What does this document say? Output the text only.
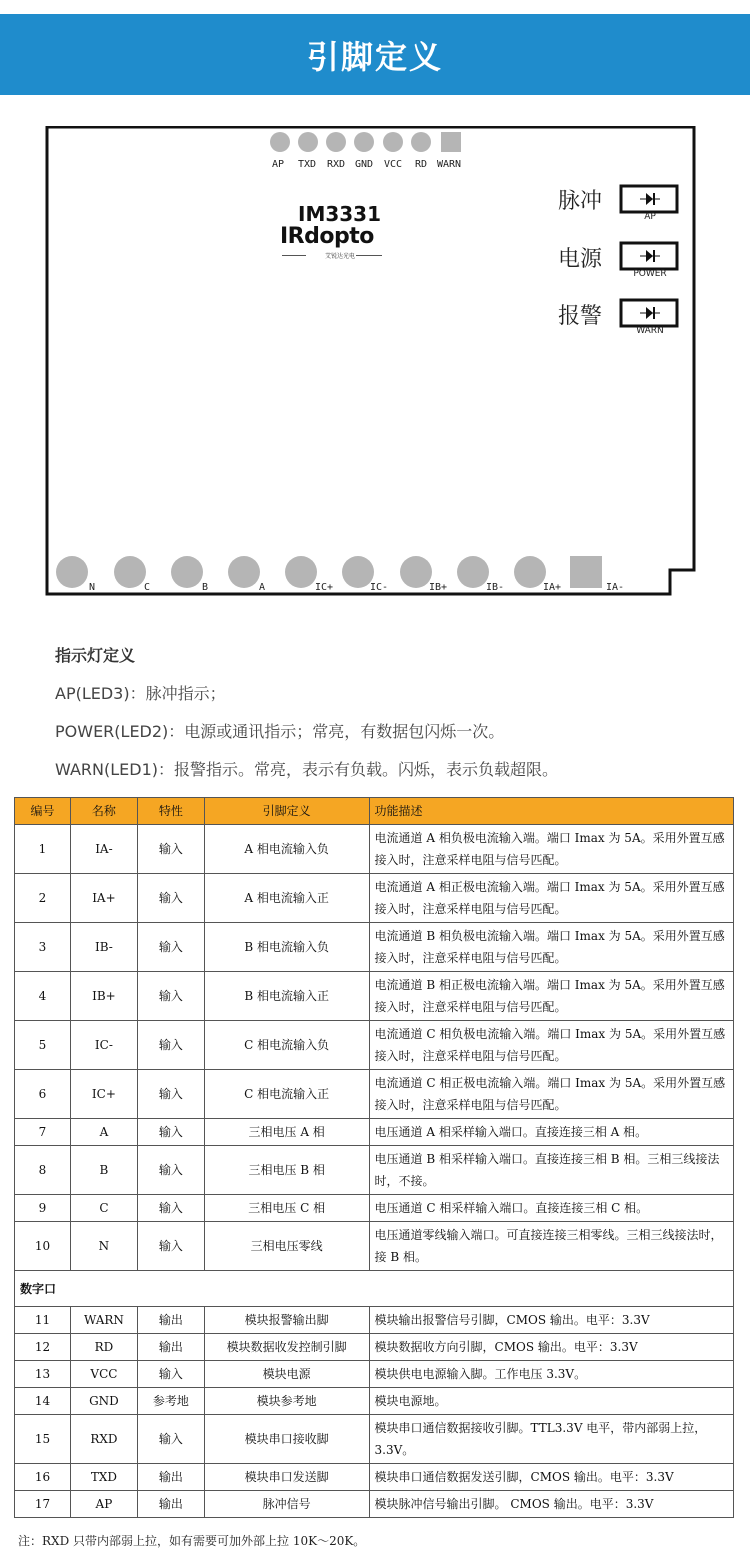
引脚定义
AP TXD RXD GND VCC RD WARN
N	C	B	A	IC+	IC-	IB+	IB-	IA+	IA-
IM3331
IRdopto
艾锐达光电
脉冲
AP
电源
POWER
报警
WARN
指示灯定义
AP(LED3)：脉冲指示；
POWER(LED2)：电源或通讯指示；常亮，有数据包闪烁一次。
WARN(LED1)：报警指示。常亮，表示有负载。闪烁，表示负载超限。
编号	名称	特性	引脚定义	功能描述
1	IA-	输入	A 相电流输入负	电流通道 A 相负极电流输入端。端口 Imax 为 5A。采用外置互感接入时，注意采样电阻与信号匹配。
2	IA+	输入	A 相电流输入正	电流通道 A 相正极电流输入端。端口 Imax 为 5A。采用外置互感接入时，注意采样电阻与信号匹配。
3	IB-	输入	B 相电流输入负	电流通道 B 相负极电流输入端。端口 Imax 为 5A。采用外置互感接入时，注意采样电阻与信号匹配。
4	IB+	输入	B 相电流输入正	电流通道 B 相正极电流输入端。端口 Imax 为 5A。采用外置互感接入时，注意采样电阻与信号匹配。
5	IC-	输入	C 相电流输入负	电流通道 C 相负极电流输入端。端口 Imax 为 5A。采用外置互感接入时，注意采样电阻与信号匹配。
6	IC+	输入	C 相电流输入正	电流通道 C 相正极电流输入端。端口 Imax 为 5A。采用外置互感接入时，注意采样电阻与信号匹配。
7	A	输入	三相电压 A 相	电压通道 A 相采样输入端口。直接连接三相 A 相。
8	B	输入	三相电压 B 相	电压通道 B 相采样输入端口。直接连接三相 B 相。三相三线接法时，不接。
9	C	输入	三相电压 C 相	电压通道 C 相采样输入端口。直接连接三相 C 相。
10	N	输入	三相电压零线	电压通道零线输入端口。可直接连接三相零线。三相三线接法时，接 B 相。
数字口				
11	WARN	输出	模块报警输出脚	模块输出报警信号引脚，CMOS 输出。电平：3.3V
12	RD	输出	模块数据收发控制引脚	模块数据收方向引脚，CMOS 输出。电平：3.3V
13	VCC	输入	模块电源	模块供电电源输入脚。工作电压 3.3V。
14	GND	参考地	模块参考地	模块电源地。
15	RXD	输入	模块串口接收脚	模块串口通信数据接收引脚。TTL3.3V 电平，带内部弱上拉，3.3V。
16	TXD	输出	模块串口发送脚	模块串口通信数据发送引脚，CMOS 输出。电平：3.3V
17	AP	输出	脉冲信号	模块脉冲信号输出引脚。 CMOS 输出。电平：3.3V
注：RXD 只带内部弱上拉，如有需要可加外部上拉 10K～20K。
